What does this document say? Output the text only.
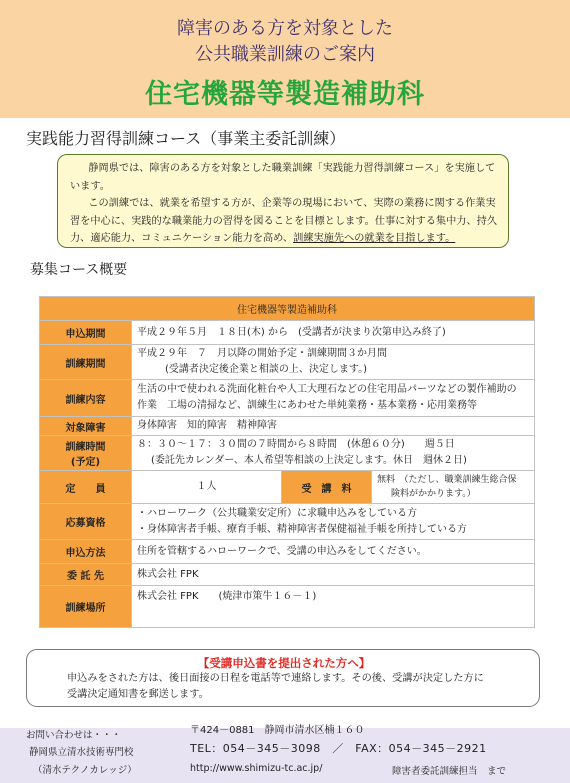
障害のある方を対象とした
公共職業訓練のご案内
住宅機器等製造補助科
実践能力習得訓練コース（事業主委託訓練）

静岡県では、障害のある方を対象とした職業訓練「実践能力習得訓練コース」を実施しています。

この訓練では、就業を希望する方が、企業等の現場において、実際の業務に関する作業実習を中心に、実践的な職業能力の習得を図ることを目標とします。仕事に対する集中力、持久力、適応能力、コミュニケーション能力を高め、訓練実施先への就業を目指します。

募集コース概要
住宅機器等製造補助科			
申込期間	平成２９年５月　１８日(木) から　(受講者が決まり次第申込み終了)		
訓練期間	平成２９年　７　月以降の開始予定・訓練期間３か月間

(受講者決定後企業と相談の上、決定します。)		

訓練内容	生活の中で使われる洗面化粧台や人工大理石などの住宅用品パーツなどの製作補助の
作業　工場の清掃など、訓練生にあわせた単純業務・基本業務・応用業務等		
対象障害	身体障害　知的障害　精神障害		
訓練時間
(予定)	８：３０～１７：３０間の７時間から８時間　(休憩６０分)　　週５日

(委託先カレンダー、本人希望等相談の上決定します。休日　週休２日)		

定　　員	１人	受　講　料	無料　（ただし、職業訓練生総合保

険料がかかります。）

応募資格	・ハローワーク（公共職業安定所）に求職申込みをしている方
・身体障害者手帳、療育手帳、精神障害者保健福祉手帳を所持している方		
申込方法	住所を管轄するハローワークで、受講の申込みをしてください。		
委 託 先	株式会社 FPK		
訓練場所	株式会社 FPK　　(焼津市策牛１６－１)		
【受講申込書を提出された方へ】
申込みをされた方は、後日面接の日程を電話等で連絡します。その後、受講が決定した方に
受講決定通知書を郵送します。
お問い合わせは・・・
静岡県立清水技術専門校
（清水テクノカレッジ）
〒424－0881　静岡市清水区楠１６０
TEL：054－345－3098　／　FAX：054－345－2921
http://www.shimizu-tc.ac.jp/	障害者委託訓練担当　まで
